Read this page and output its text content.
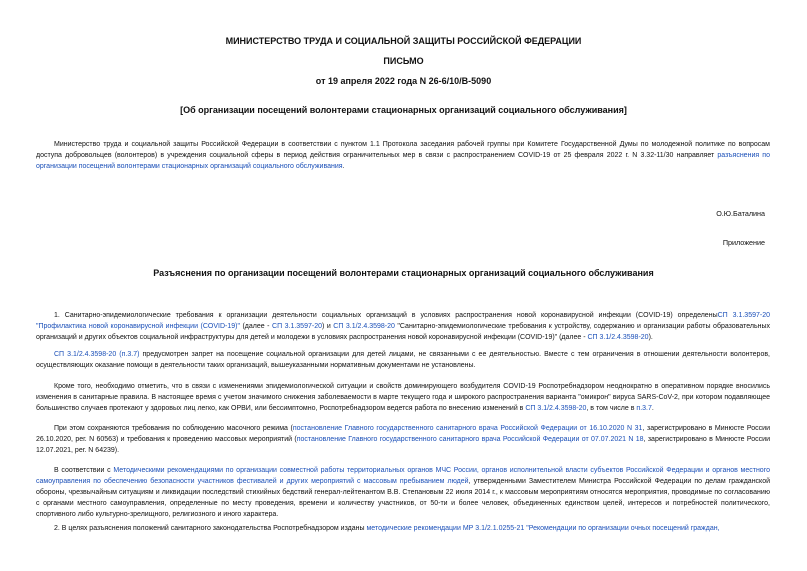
МИНИСТЕРСТВО ТРУДА И СОЦИАЛЬНОЙ ЗАЩИТЫ РОССИЙСКОЙ ФЕДЕРАЦИИ
ПИСЬМО
от 19 апреля 2022 года N 26-6/10/В-5090
[Об организации посещений волонтерами стационарных организаций социального обслуживания]

Министерство труда и социальной защиты Российской Федерации в соответствии с пунктом 1.1 Протокола заседания рабочей группы при Комитете Государственной Думы по молодежной политике по вопросам доступа добровольцев (волонтеров) в учреждения социальной сферы в период действия ограничительных мер в связи с распространением COVID-19 от 25 февраля 2022 г. N 3.32-11/30 направляет разъяснения по организации посещений волонтерами стационарных организаций социального обслуживания.

О.Ю.Баталина
Приложение
Разъяснения по организации посещений волонтерами стационарных организаций социального обслуживания

1. Санитарно-эпидемиологические требования к организации деятельности социальных организаций в условиях распространения новой коронавирусной инфекции (COVID-19) определеныСП 3.1.3597-20 "Профилактика новой коронавирусной инфекции (COVID-19)" (далее - СП 3.1.3597-20) и СП 3.1/2.4.3598-20 "Санитарно-эпидемиологические требования к устройству, содержанию и организации работы образовательных организаций и других объектов социальной инфраструктуры для детей и молодежи в условиях распространения новой коронавирусной инфекции (COVID-19)" (далее - СП 3.1/2.4.3598-20).

СП 3.1/2.4.3598-20 (п.3.7) предусмотрен запрет на посещение социальной организации для детей лицами, не связанными с ее деятельностью. Вместе с тем ограничения в отношении деятельности волонтеров, осуществляющих оказание помощи в деятельности таких организаций, вышеуказанными нормативным документами не установлены.

Кроме того, необходимо отметить, что в связи с изменениями эпидемиологической ситуации и свойств доминирующего возбудителя COVID-19 Роспотребнадзором неоднократно в оперативном порядке вносились изменения в санитарные правила. В настоящее время с учетом значимого снижения заболеваемости в марте текущего года и широкого распространения варианта "омикрон" вируса SARS-CoV-2, при котором подавляющее большинство случаев протекают у здоровых лиц легко, как ОРВИ, или бессимптомно, Роспотребнадзором ведется работа по внесению изменений в СП 3.1/2.4.3598-20, в том числе в п.3.7.

При этом сохраняются требования по соблюдению масочного режима (постановление Главного государственного санитарного врача Российской Федерации от 16.10.2020 N 31, зарегистрировано в Минюсте России 26.10.2020, рег. N 60563) и требования к проведению массовых мероприятий (постановление Главного государственного санитарного врача Российской Федерации от 07.07.2021 N 18, зарегистрировано в Минюсте России 12.07.2021, рег. N 64239).

В соответствии с Методическими рекомендациями по организации совместной работы территориальных органов МЧС России, органов исполнительной власти субъектов Российской Федерации и органов местного самоуправления по обеспечению безопасности участников фестивалей и других мероприятий с массовым пребыванием людей, утвержденными Заместителем Министра Российской Федерации по делам гражданской обороны, чрезвычайным ситуациям и ликвидации последствий стихийных бедствий генерал-лейтенантом В.В. Степановым 22 июля 2014 г., к массовым мероприятиям относятся мероприятия, проводимые по согласованию с органами местного самоуправления, определенные по месту проведения, времени и количеству участников, от 50-ти и более человек, объединенных единством целей, интересов и потребностей политического, спортивного либо культурно-зрелищного, религиозного и иного характера.

2. В целях разъяснения положений санитарного законодательства Роспотребнадзором изданы методические рекомендации МР 3.1/2.1.0255-21 "Рекомендации по организации очных посещений граждан,
